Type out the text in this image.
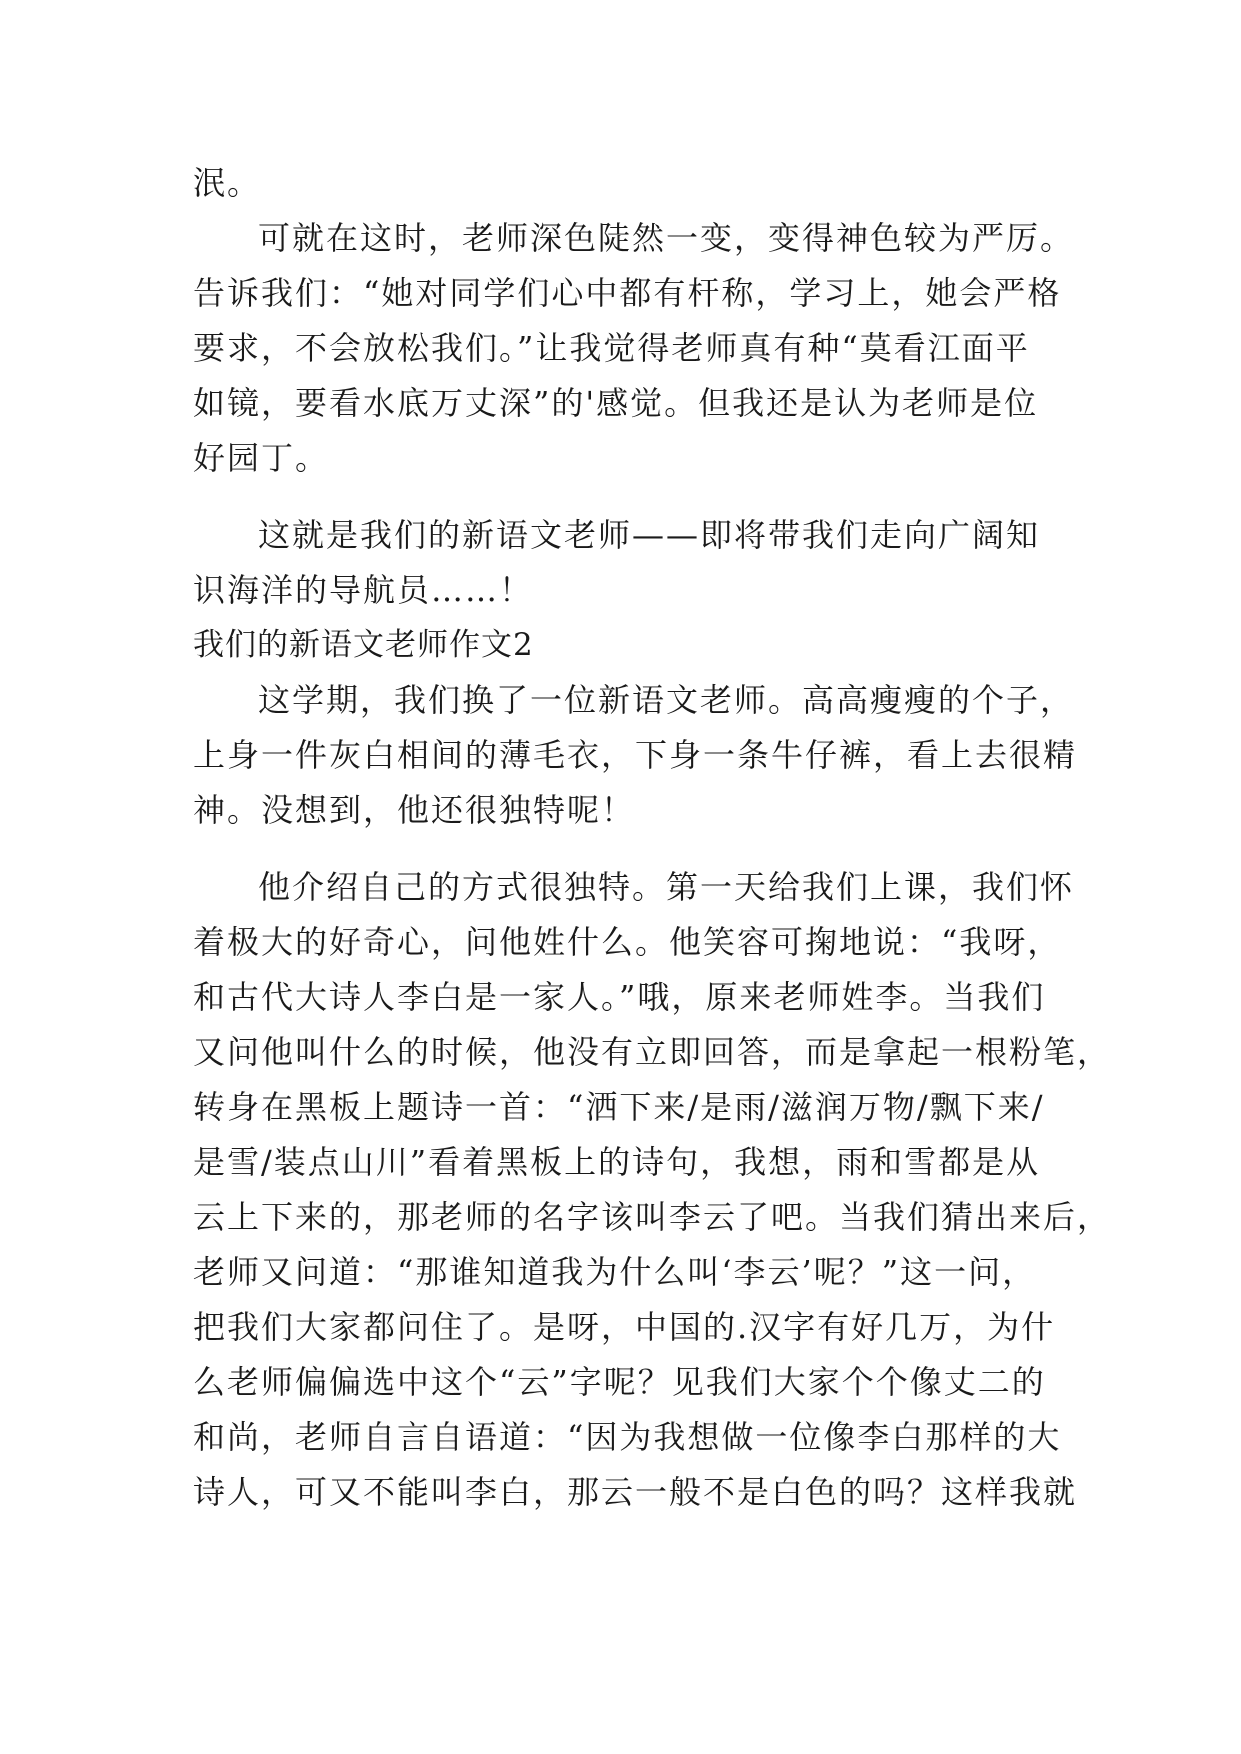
泯。
可就在这时，老师深色陡然一变，变得神色较为严厉。
告诉我们：“她对同学们心中都有杆称，学习上，她会严格
要求，不会放松我们。”让我觉得老师真有种“莫看江面平
如镜，要看水底万丈深”的'感觉。但我还是认为老师是位
好园丁。
这就是我们的新语文老师——即将带我们走向广阔知
识海洋的导航员……！
我们的新语文老师作文2
这学期，我们换了一位新语文老师。高高瘦瘦的个子，
上身一件灰白相间的薄毛衣，下身一条牛仔裤，看上去很精
神。没想到，他还很独特呢！
他介绍自己的方式很独特。第一天给我们上课，我们怀
着极大的好奇心，问他姓什么。他笑容可掬地说：“我呀，
和古代大诗人李白是一家人。”哦，原来老师姓李。当我们
又问他叫什么的时候，他没有立即回答，而是拿起一根粉笔，
转身在黑板上题诗一首：“洒下来/是雨/滋润万物/飘下来/
是雪/装点山川”看着黑板上的诗句，我想，雨和雪都是从
云上下来的，那老师的名字该叫李云了吧。当我们猜出来后，
老师又问道：“那谁知道我为什么叫‘李云’呢？”这一问，
把我们大家都问住了。是呀，中国的.汉字有好几万，为什
么老师偏偏选中这个“云”字呢？见我们大家个个像丈二的
和尚，老师自言自语道：“因为我想做一位像李白那样的大
诗人，可又不能叫李白，那云一般不是白色的吗？这样我就
